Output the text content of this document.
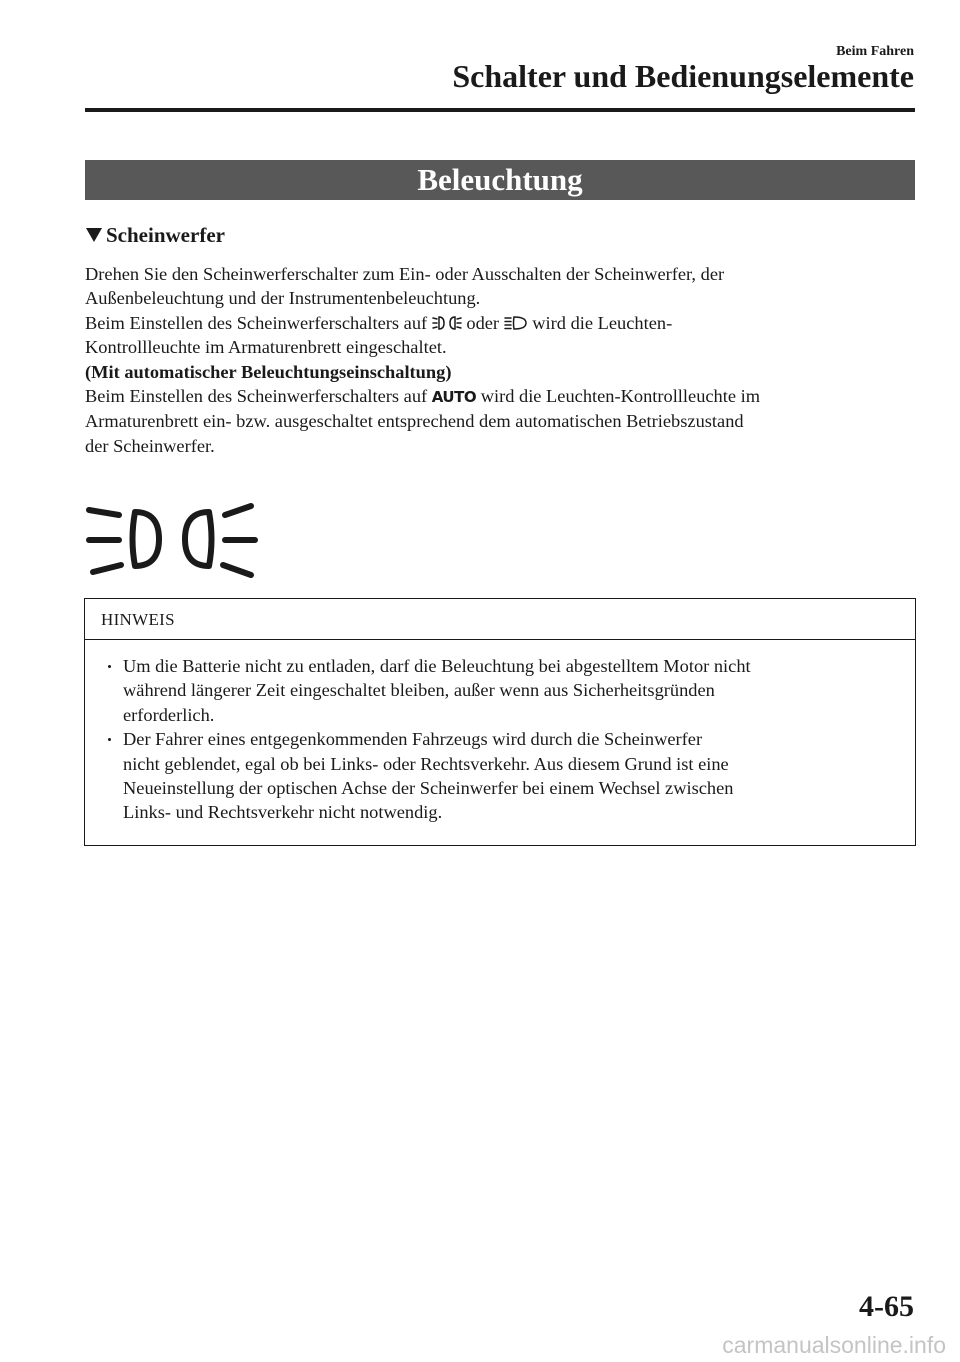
Beim Fahren
Schalter und Bedienungselemente
Beleuchtung
Scheinwerfer

Drehen Sie den Scheinwerferschalter zum Ein- oder Ausschalten der Scheinwerfer, der

Außenbeleuchtung und der Instrumentenbeleuchtung.

Beim Einstellen des Scheinwerferschalters auf oder wird die Leuchten-

Kontrollleuchte im Armaturenbrett eingeschaltet.

(Mit automatischer Beleuchtungseinschaltung)

Beim Einstellen des Scheinwerferschalters auf AUTO wird die Leuchten-Kontrollleuchte im

Armaturenbrett ein- bzw. ausgeschaltet entsprechend dem automatischen Betriebszustand

der Scheinwerfer.

HINWEIS
Um die Batterie nicht zu entladen, darf die Beleuchtung bei abgestelltem Motor nicht
während längerer Zeit eingeschaltet bleiben, außer wenn aus Sicherheitsgründen
erforderlich.
Der Fahrer eines entgegenkommenden Fahrzeugs wird durch die Scheinwerfer
nicht geblendet, egal ob bei Links- oder Rechtsverkehr. Aus diesem Grund ist eine
Neueinstellung der optischen Achse der Scheinwerfer bei einem Wechsel zwischen
Links- und Rechtsverkehr nicht notwendig.
4-65
carmanualsonline.info
